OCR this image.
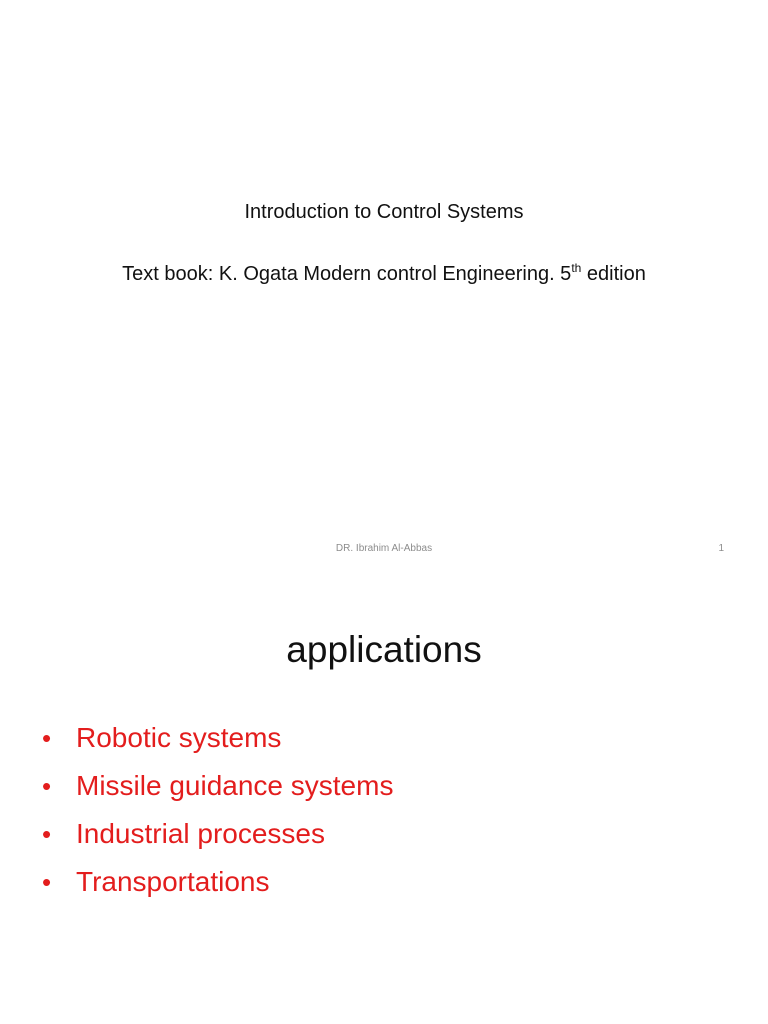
Introduction to Control Systems
Text book: K. Ogata Modern control Engineering. 5th edition
DR. Ibrahim Al-Abbas	1
applications
• Robotic systems
• Missile guidance systems
• Industrial processes
• Transportations
